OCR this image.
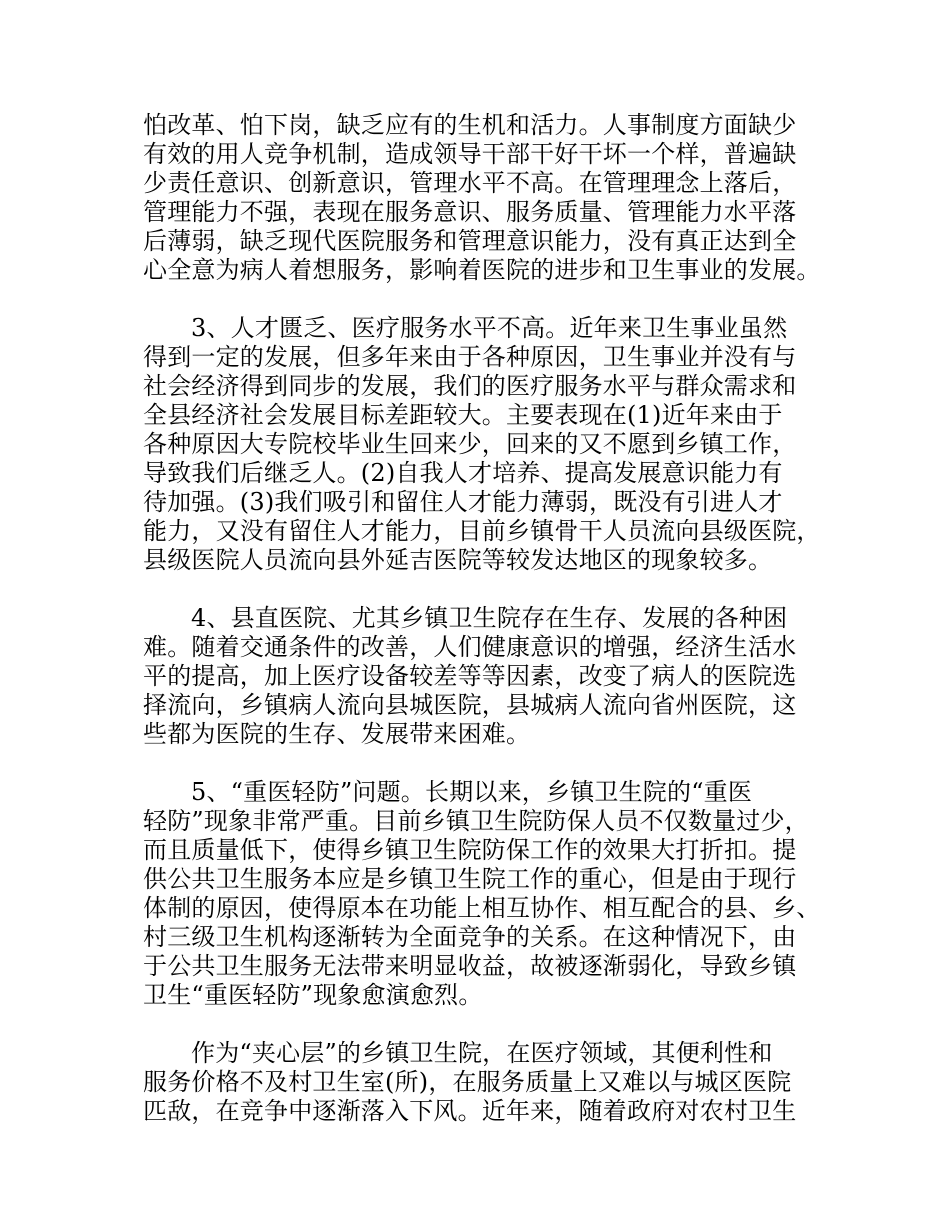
怕改革、怕下岗，缺乏应有的生机和活力。人事制度方面缺少
有效的用人竞争机制，造成领导干部干好干坏一个样，普遍缺
少责任意识、创新意识，管理水平不高。在管理理念上落后，
管理能力不强，表现在服务意识、服务质量、管理能力水平落
后薄弱，缺乏现代医院服务和管理意识能力，没有真正达到全
心全意为病人着想服务，影响着医院的进步和卫生事业的发展。
3、人才匮乏、医疗服务水平不高。近年来卫生事业虽然
得到一定的发展，但多年来由于各种原因，卫生事业并没有与
社会经济得到同步的发展，我们的医疗服务水平与群众需求和
全县经济社会发展目标差距较大。主要表现在(1)近年来由于
各种原因大专院校毕业生回来少，回来的又不愿到乡镇工作，
导致我们后继乏人。(2)自我人才培养、提高发展意识能力有
待加强。(3)我们吸引和留住人才能力薄弱，既没有引进人才
能力，又没有留住人才能力，目前乡镇骨干人员流向县级医院，
县级医院人员流向县外延吉医院等较发达地区的现象较多。
4、县直医院、尤其乡镇卫生院存在生存、发展的各种困
难。随着交通条件的改善，人们健康意识的增强，经济生活水
平的提高，加上医疗设备较差等等因素，改变了病人的医院选
择流向，乡镇病人流向县城医院，县城病人流向省州医院，这
些都为医院的生存、发展带来困难。
5、“重医轻防”问题。长期以来，乡镇卫生院的“重医
轻防”现象非常严重。目前乡镇卫生院防保人员不仅数量过少，
而且质量低下，使得乡镇卫生院防保工作的效果大打折扣。提
供公共卫生服务本应是乡镇卫生院工作的重心，但是由于现行
体制的原因，使得原本在功能上相互协作、相互配合的县、乡、
村三级卫生机构逐渐转为全面竞争的关系。在这种情况下，由
于公共卫生服务无法带来明显收益，故被逐渐弱化，导致乡镇
卫生“重医轻防”现象愈演愈烈。
作为“夹心层”的乡镇卫生院，在医疗领域，其便利性和
服务价格不及村卫生室(所)，在服务质量上又难以与城区医院
匹敌，在竞争中逐渐落入下风。近年来，随着政府对农村卫生
